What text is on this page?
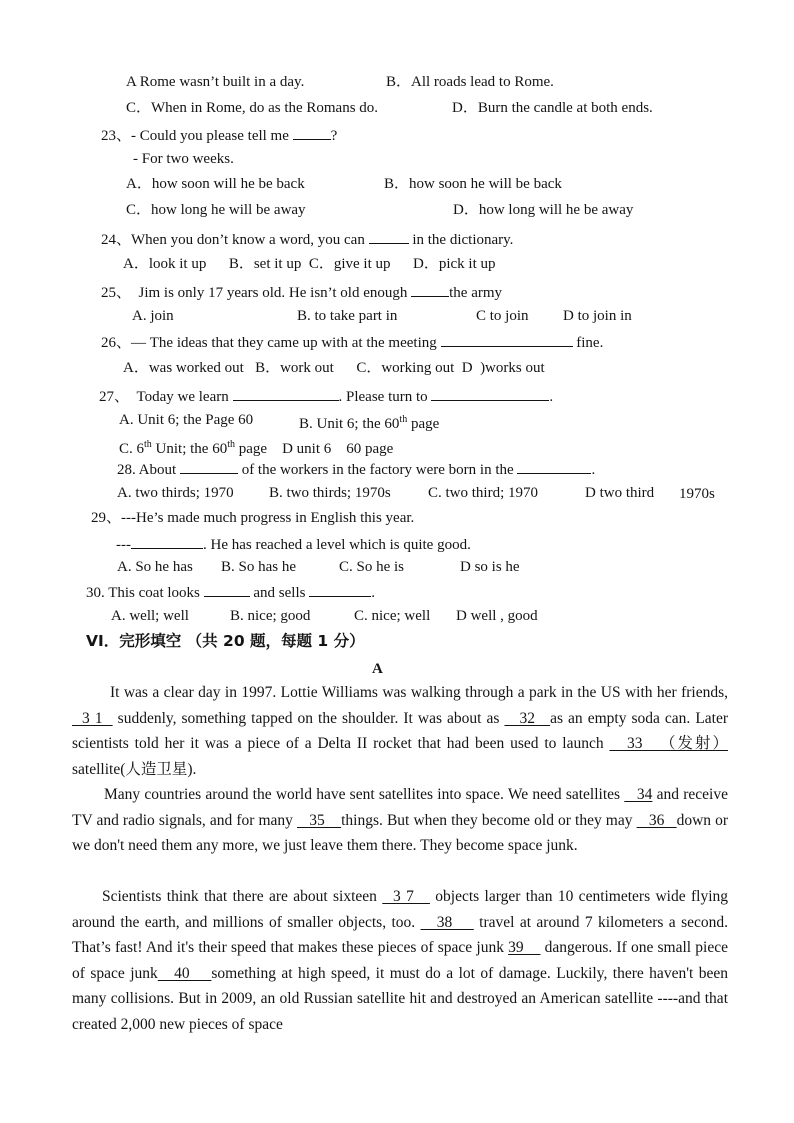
A Rome wasn’t built in a day.	B．All roads lead to Rome.
C．When in Rome, do as the Romans do.	D．Burn the candle at both ends.
23、- Could you please tell me	?
- For two weeks.
A．how soon will he be back	B．how soon he will be back
C．how long he will be away	D．how long will he be away
24、When you don’t know a word, you can	in the dictionary.
A．look it up      B．set it up  C．give it up      D．pick it up
25、  Jim is only 17 years old. He isn’t old enough	the army
A. join	B. to take part in	C to join D to join in
26、— The ideas that they came up with at the meeting	fine.
A．was worked out   B．work out      C．working out  D  )works out
27、  Today we learn	. Please turn to	.
A. Unit 6; the Page 60	B. Unit 6; the 60th page
C. 6th Unit; the 60th page    D unit 6    60 page
28. About	of the workers in the factory were born in the	.
A. two thirds; 1970 B. two thirds; 1970s C. two third; 1970	D two third 1970s
29、---He’s made much progress in English this year.
---	. He has reached a level which is quite good.
A. So he has B. So has he	C. So he is	D so is he
30. This coat looks	and sells	.
A. well; well	B. nice; good	C. nice; well D well , good
VI．完形填空 （共 20 题，每题 1 分）
A

It was a clear day in 1997. Lottie Williams was walking through a park in the US with her friends,   3 1   suddenly, something tapped on the shoulder. It was about as    32   as an empty soda can. Later scientists told her it was a piece of a Delta II rocket that had been used to launch    33   （发射）satellite(人造卫星).

Many countries around the world have sent satellites into space. We need satellites    34 and receive TV and radio signals, and for many    35    things. But when they become old or they may    36   down or we don't need them any more, we just leave them there. They become space junk.

Scientists think that there are about sixteen   3 7    objects larger than 10 centimeters wide flying around the earth, and millions of smaller objects, too.    38     travel at around 7 kilometers a second. That’s fast! And it's their speed that makes these pieces of space junk 39     dangerous. If one small piece of space junk   40    something at high speed, it must do a lot of damage. Luckily, there haven't been many collisions. But in 2009, an old Russian satellite hit and destroyed an American satellite ----and that created 2,000 new pieces of space
